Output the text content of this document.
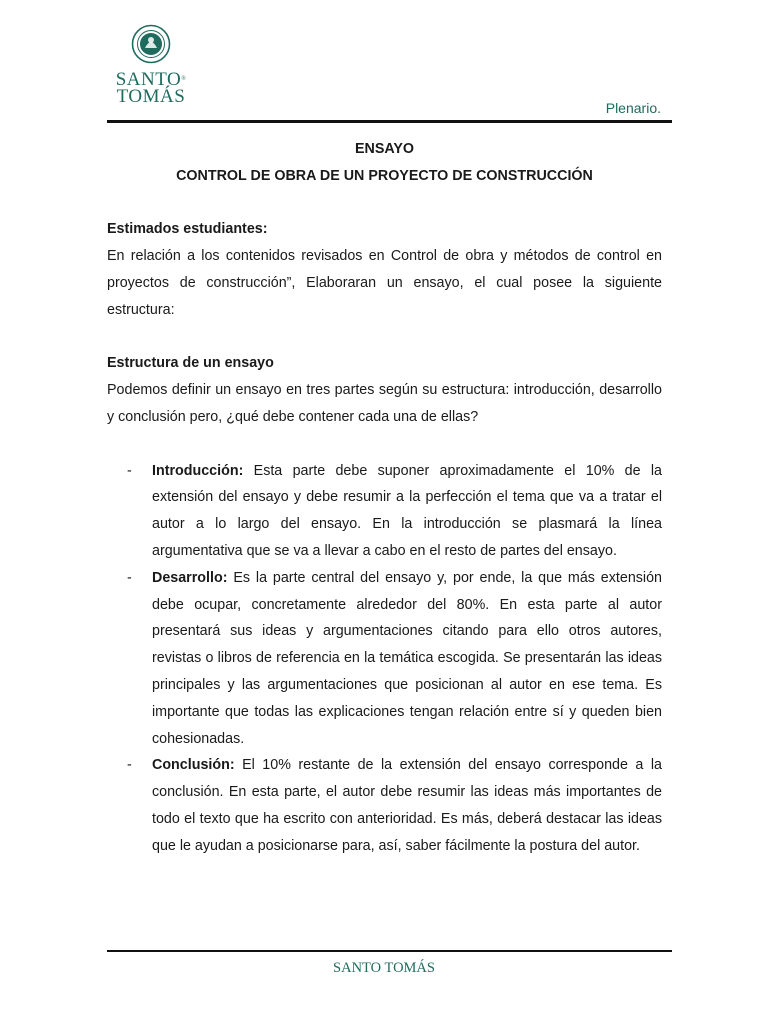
SANTO®
TOMÁS
Plenario.

ENSAYO

CONTROL DE OBRA DE UN PROYECTO DE CONSTRUCCIÓN

Estimados estudiantes:

En relación a los contenidos revisados en Control de obra y métodos de control en proyectos de construcción”, Elaboraran un ensayo, el cual posee la siguiente estructura:

Estructura de un ensayo

Podemos definir un ensayo en tres partes según su estructura: introducción, desarrollo y conclusión pero, ¿qué debe contener cada una de ellas?

- Introducción: Esta parte debe suponer aproximadamente el 10% de la extensión del ensayo y debe resumir a la perfección el tema que va a tratar el autor a lo largo del ensayo. En la introducción se plasmará la línea argumentativa que se va a llevar a cabo en el resto de partes del ensayo.
- Desarrollo: Es la parte central del ensayo y, por ende, la que más extensión debe ocupar, concretamente alrededor del 80%. En esta parte al autor presentará sus ideas y argumentaciones citando para ello otros autores, revistas o libros de referencia en la temática escogida. Se presentarán las ideas principales y las argumentaciones que posicionan al autor en ese tema. Es importante que todas las explicaciones tengan relación entre sí y queden bien cohesionadas.
- Conclusión: El 10% restante de la extensión del ensayo corresponde a la conclusión. En esta parte, el autor debe resumir las ideas más importantes de todo el texto que ha escrito con anterioridad. Es más, deberá destacar las ideas que le ayudan a posicionarse para, así, saber fácilmente la postura del autor.
SANTO TOMÁS
